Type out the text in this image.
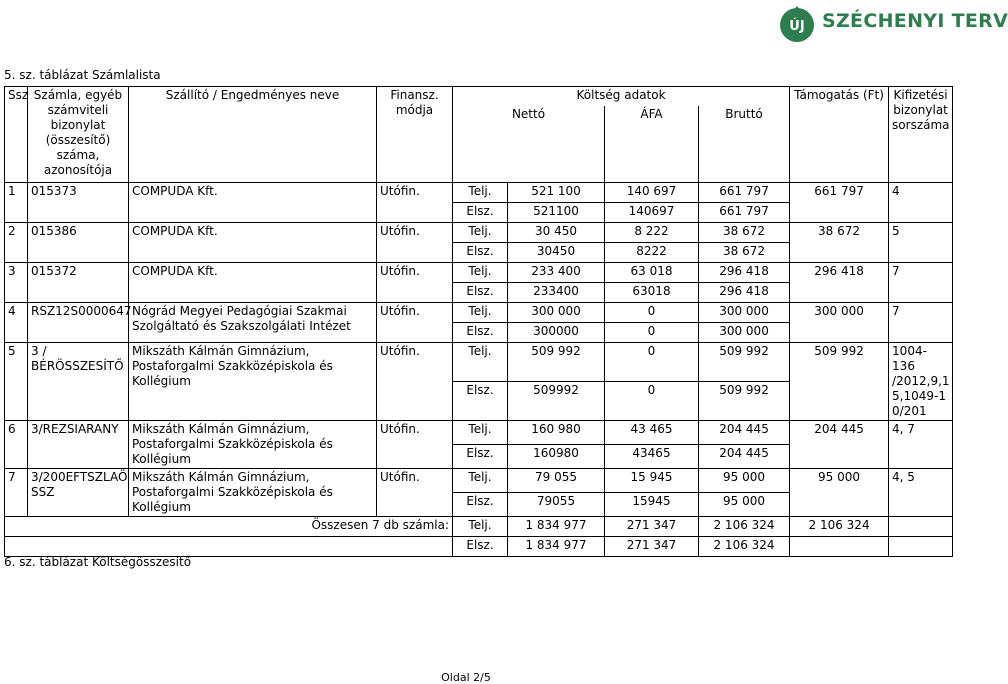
ÚJ SZÉCHENYI TERV
5. sz. táblázat Számlalista
Ssz	Számla, egyéb számviteli bizonylat (összesítő) száma, azonosítója	Szállító / Engedményes neve	Finansz. módja	Költség adatok				Támogatás (Ft)	Kifizetési bizonylat sorszáma
				Nettó		ÁFA	Bruttó		
1	015373	COMPUDA Kft.	Utófin.	Telj.	521 100	140 697	661 797	661 797	4
				Elsz.	521100	140697	661 797		
2	015386	COMPUDA Kft.	Utófin.	Telj.	30 450	8 222	38 672	38 672	5
				Elsz.	30450	8222	38 672		
3	015372	COMPUDA Kft.	Utófin.	Telj.	233 400	63 018	296 418	296 418	7
				Elsz.	233400	63018	296 418		
4	RSZ12S0000647	Nógrád Megyei Pedagógiai Szakmai Szolgáltató és Szakszolgálati Intézet	Utófin.	Telj.	300 000	0	300 000	300 000	7
				Elsz.	300000	0	300 000		
5	3 / BÉRÖSSZESÍTŐ	Mikszáth Kálmán Gimnázium, Postaforgalmi Szakközépiskola és Kollégium	Utófin.	Telj.	509 992	0	509 992	509 992	1004-136 /2012,9,1 5,1049-1 0/201
				Elsz.	509992	0	509 992		
6	3/REZSIARANY	Mikszáth Kálmán Gimnázium, Postaforgalmi Szakközépiskola és Kollégium	Utófin.	Telj.	160 980	43 465	204 445	204 445	4, 7
				Elsz.	160980	43465	204 445		
7	3/200EFTSZLAÖ SSZ	Mikszáth Kálmán Gimnázium, Postaforgalmi Szakközépiskola és Kollégium	Utófin.	Telj.	79 055	15 945	95 000	95 000	4, 5
				Elsz.	79055	15945	95 000		
Összesen 7 db számla:				Telj.	1 834 977	271 347	2 106 324	2 106 324	
				Elsz.	1 834 977	271 347	2 106 324		
6. sz. táblázat Költségösszesítő
Oldal 2/5
